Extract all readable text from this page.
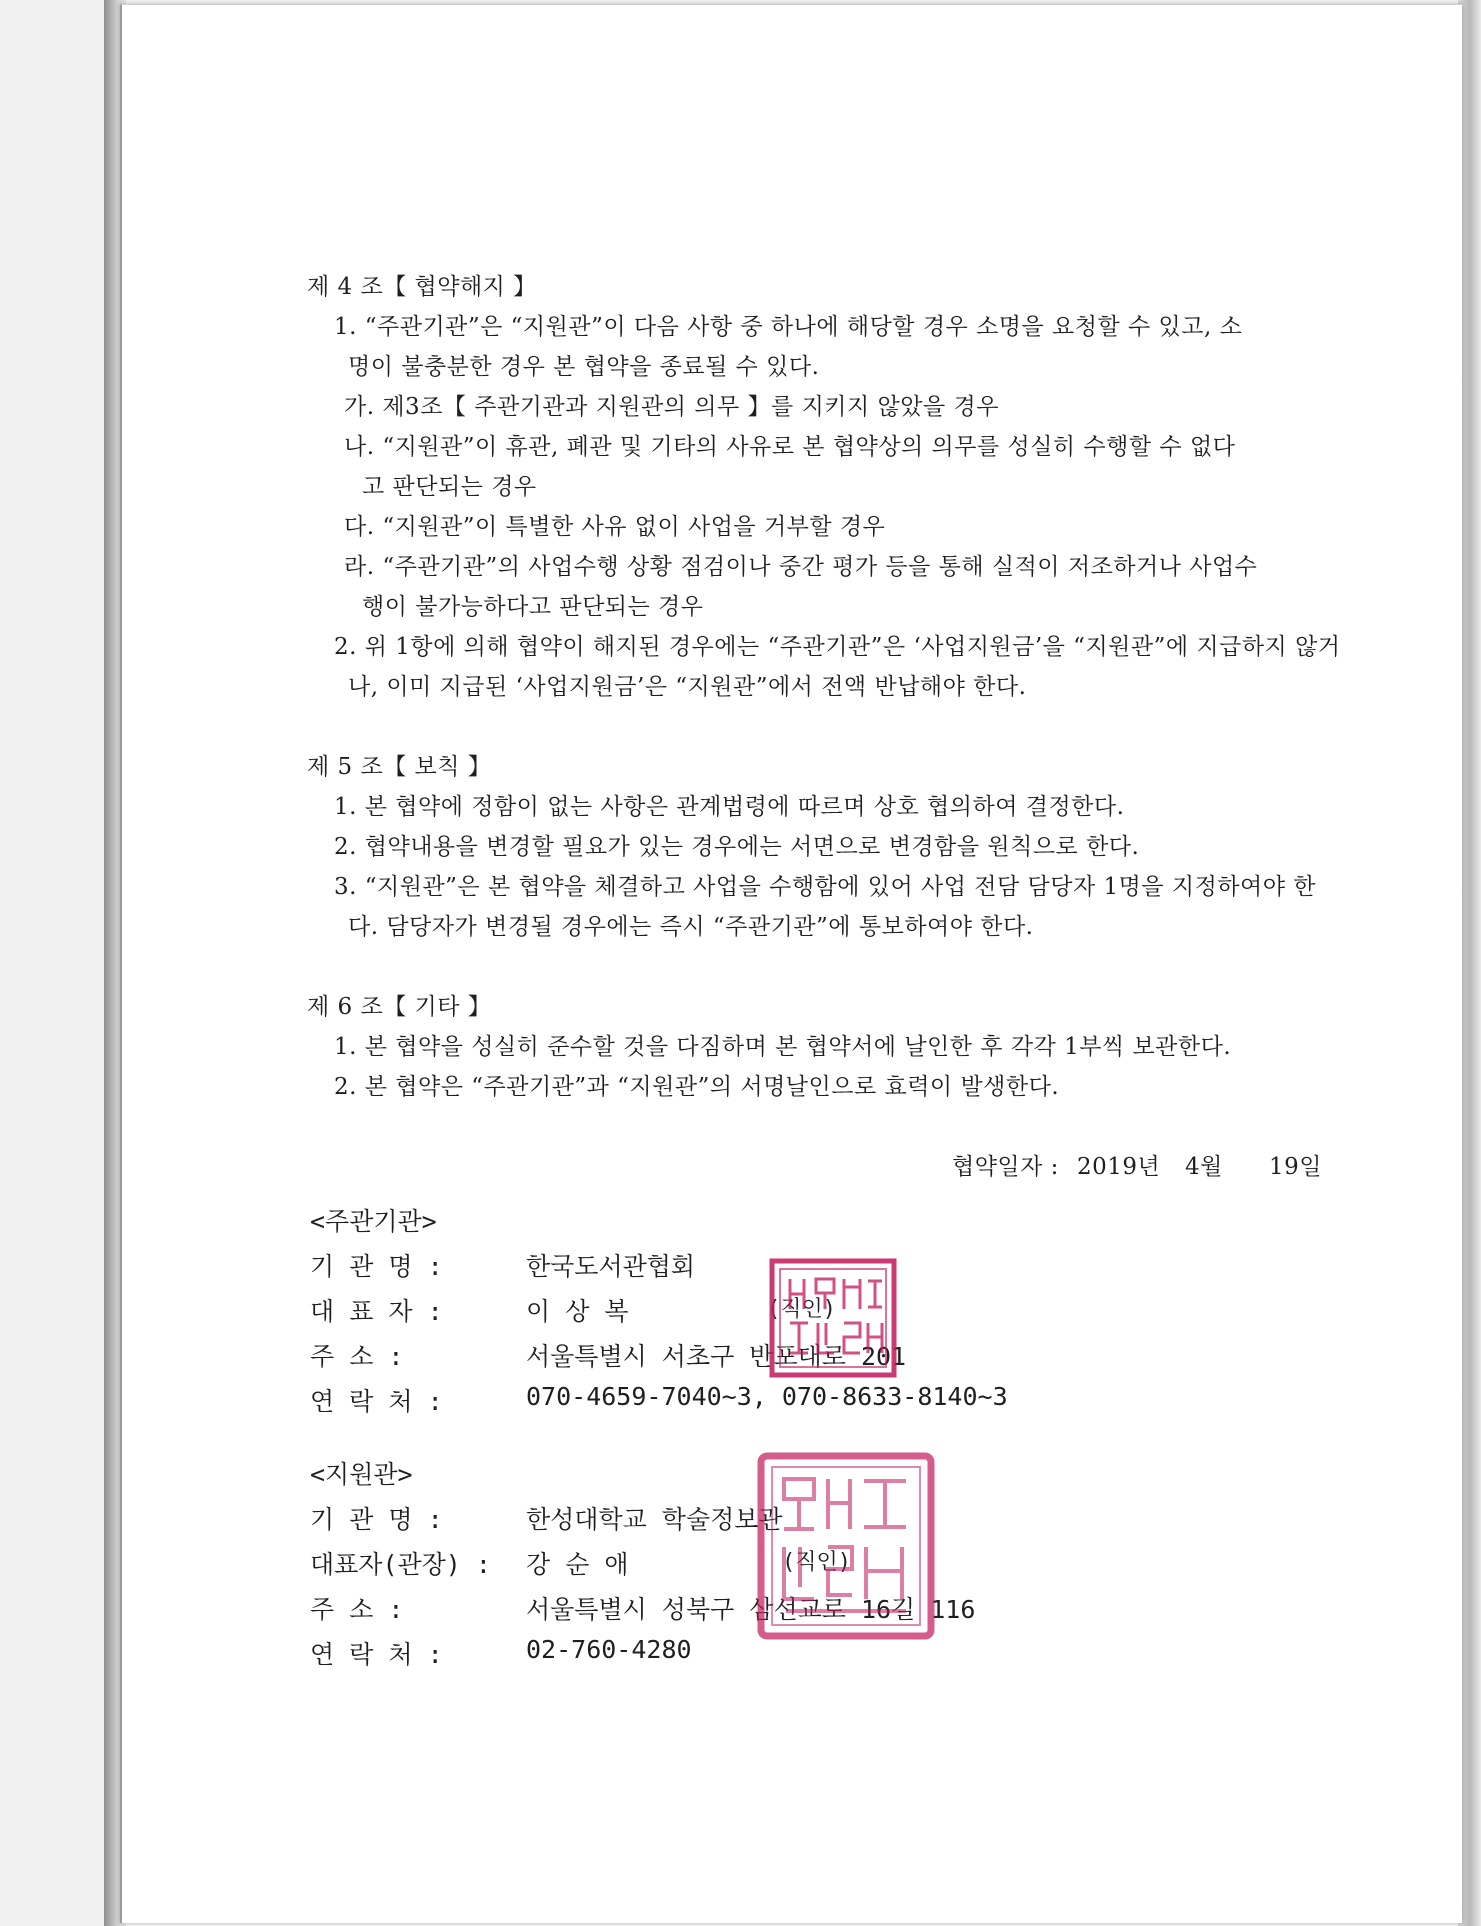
제 4 조【 협약해지 】
1. “주관기관”은 “지원관”이 다음 사항 중 하나에 해당할 경우 소명을 요청할 수 있고, 소
명이 불충분한 경우 본 협약을 종료될 수 있다.
가. 제3조【 주관기관과 지원관의 의무 】를 지키지 않았을 경우
나. “지원관”이 휴관, 폐관 및 기타의 사유로 본 협약상의 의무를 성실히 수행할 수 없다
고 판단되는 경우
다. “지원관”이 특별한 사유 없이 사업을 거부할 경우
라. “주관기관”의 사업수행 상황 점검이나 중간 평가 등을 통해 실적이 저조하거나 사업수
행이 불가능하다고 판단되는 경우
2. 위 1항에 의해 협약이 해지된 경우에는 “주관기관”은 ‘사업지원금’을 “지원관”에 지급하지 않거
나, 이미 지급된 ‘사업지원금’은 “지원관”에서 전액 반납해야 한다.
제 5 조【 보칙 】
1. 본 협약에 정함이 없는 사항은 관계법령에 따르며 상호 협의하여 결정한다.
2. 협약내용을 변경할 필요가 있는 경우에는 서면으로 변경함을 원칙으로 한다.
3. “지원관”은 본 협약을 체결하고 사업을 수행함에 있어 사업 전담 담당자 1명을 지정하여야 한
다. 담당자가 변경될 경우에는 즉시 “주관기관”에 통보하여야 한다.
제 6 조【 기타 】
1. 본 협약을 성실히 준수할 것을 다짐하며 본 협약서에 날인한 후 각각 1부씩 보관한다.
2. 본 협약은 “주관기관”과 “지원관”의 서명날인으로 효력이 발생한다.
협약일자 : 2019년 4월 19일
<주관기관>
기 관 명 :	한국도서관협회
대 표 자 :	이 상 복	(직인)
주 소 :	서울특별시 서초구 반포대로 201
연 락 처 :	070-4659-7040~3, 070-8633-8140~3
<지원관>
기 관 명 :	한성대학교 학술정보관
대표자(관장) : 강 순 애	(직인)
주 소 :	서울특별시 성북구 삼선교로 16길 116
연 락 처 :	02-760-4280
